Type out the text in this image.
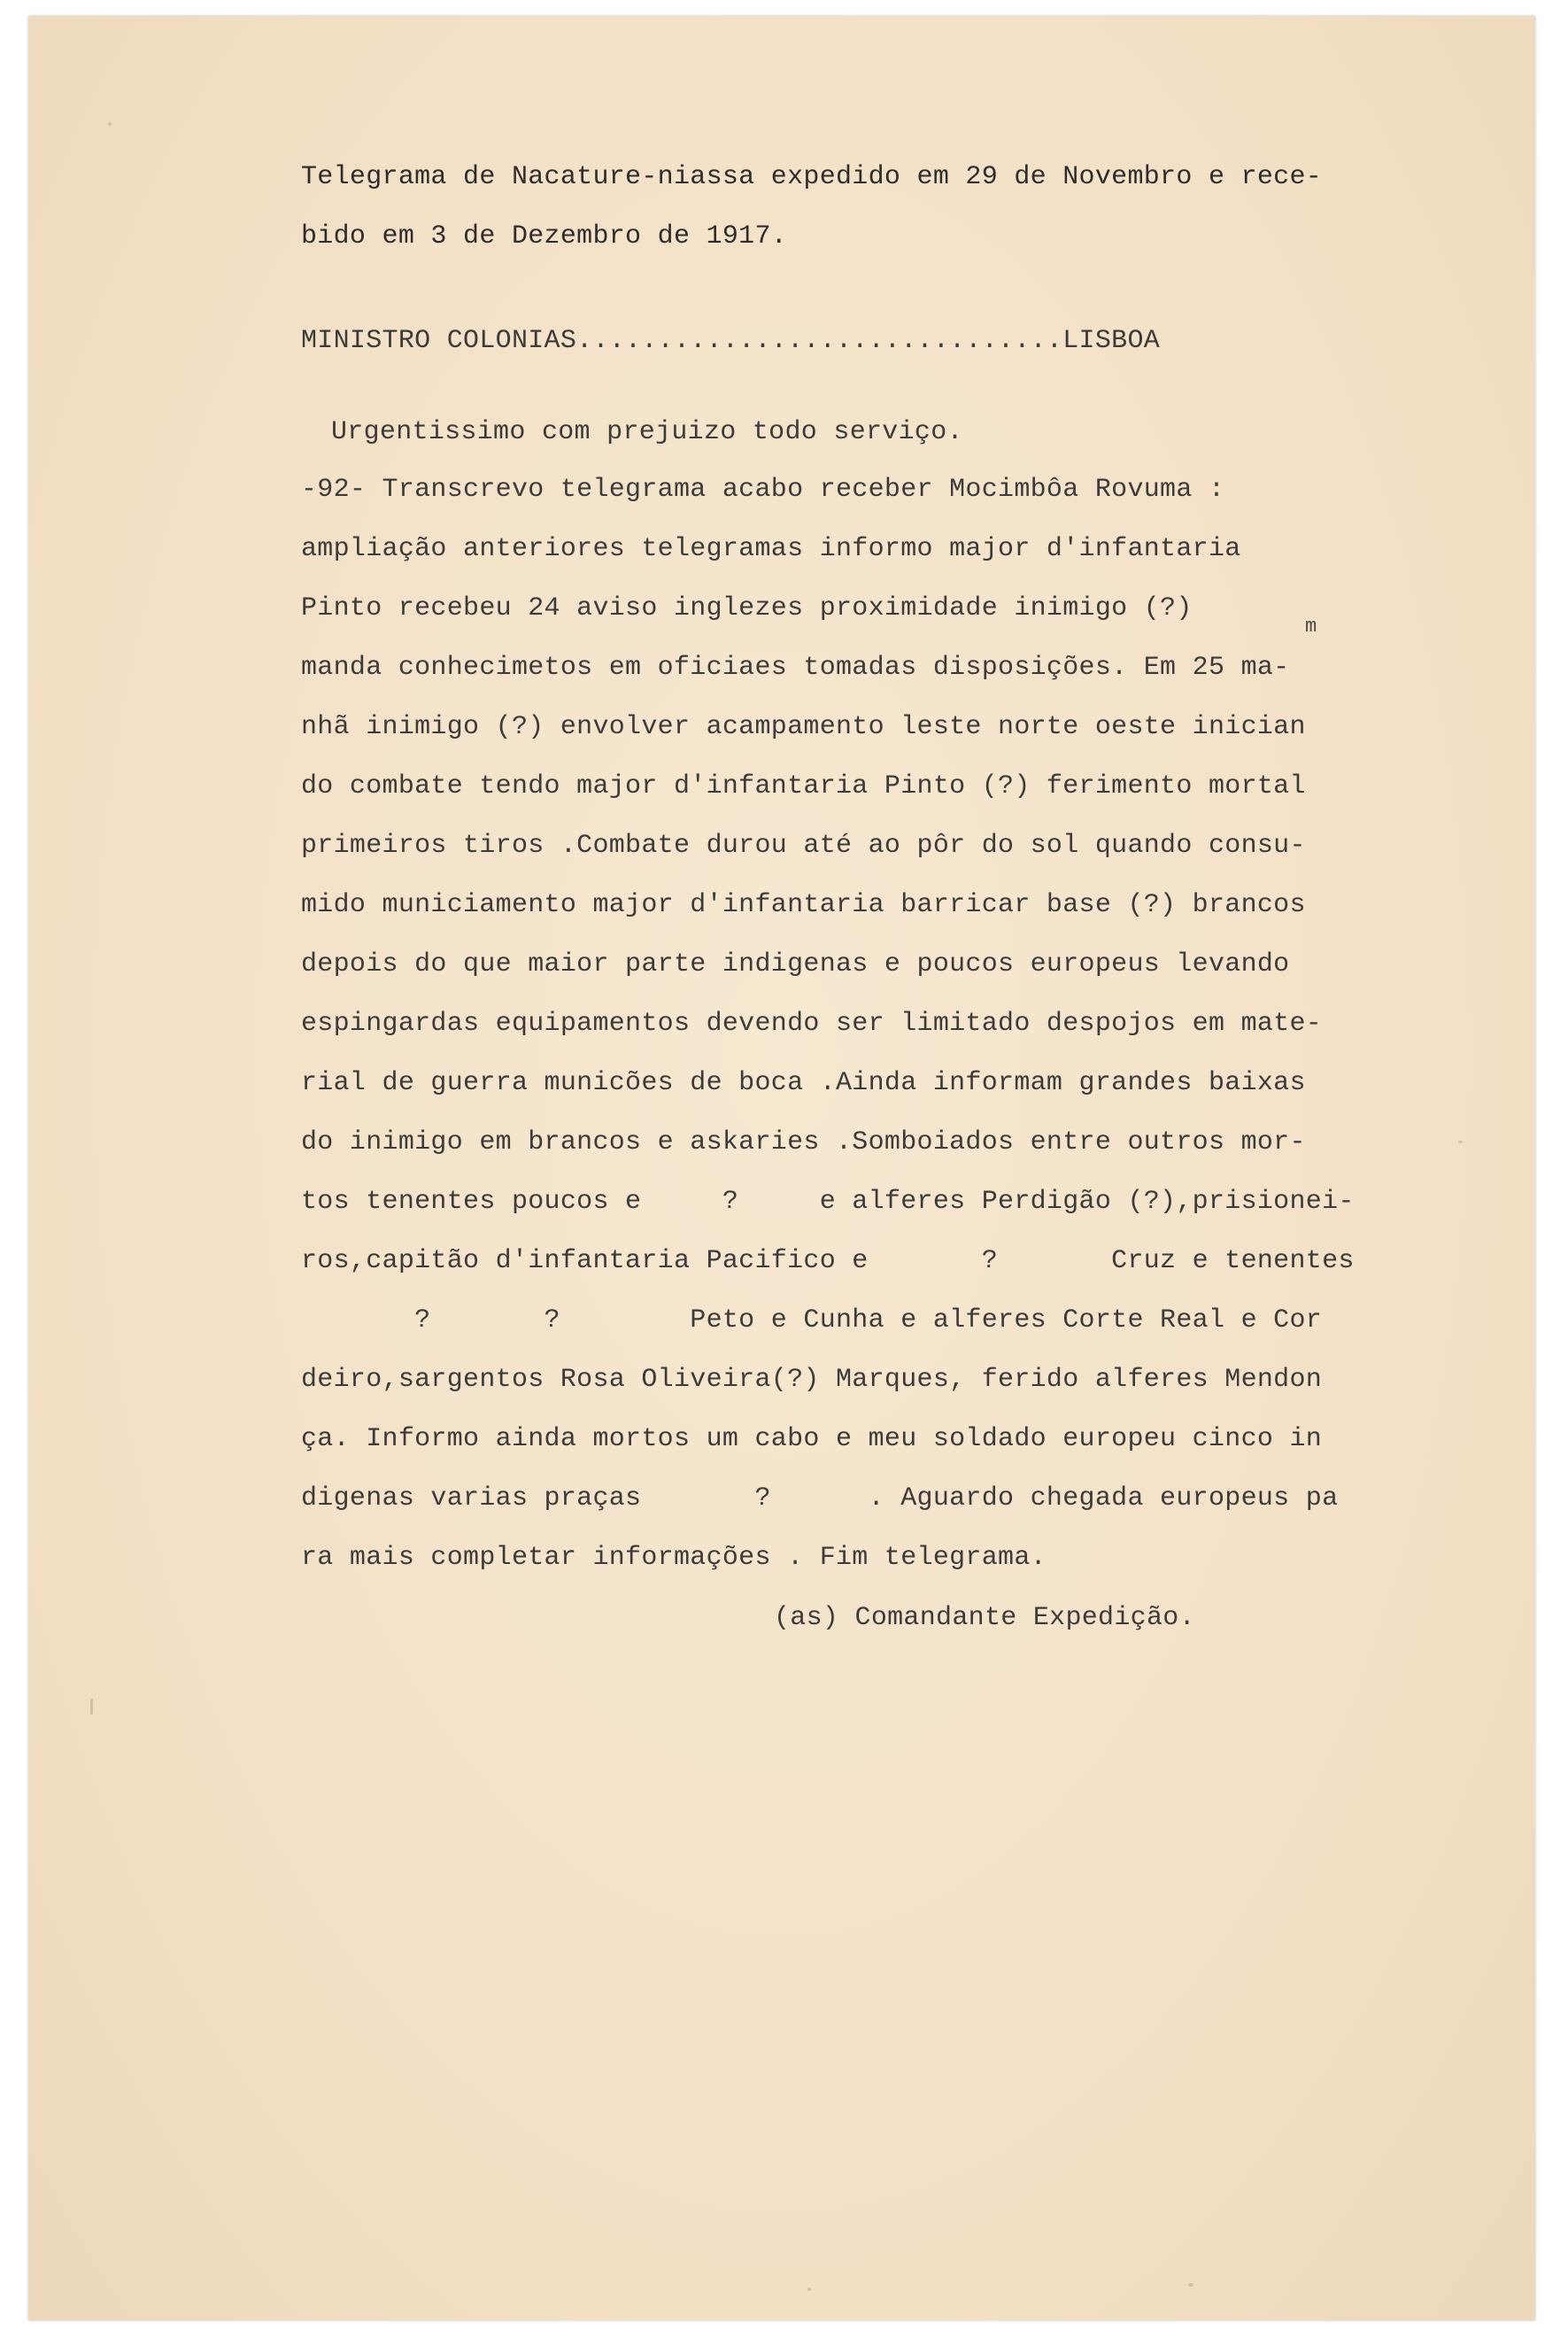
Telegrama de Nacature-niassa expedido em 29 de Novembro e rece-
bido em 3 de Dezembro de 1917.
MINISTRO COLONIAS..............................LISBOA
Urgentissimo com prejuizo todo serviço.
-92- Transcrevo telegrama acabo receber Mocimbôa Rovuma :
ampliação anteriores telegramas informo major d'infantaria
Pinto recebeu 24 aviso inglezes proximidade inimigo (?)
manda conhecimetos em oficiaes tomadas disposições. Em 25 ma-
nhã inimigo (?) envolver acampamento leste norte oeste inician
do combate tendo major d'infantaria Pinto (?) ferimento mortal
primeiros tiros .Combate durou até ao pôr do sol quando consu-
mido municiamento major d'infantaria barricar base (?) brancos
depois do que maior parte indigenas e poucos europeus levando
espingardas equipamentos devendo ser limitado despojos em mate-
rial de guerra municões de boca .Ainda informam grandes baixas
do inimigo em brancos e askaries .Somboiados entre outros mor-
tos tenentes poucos e     ?     e alferes Perdigão (?),prisionei-
ros,capitão d'infantaria Pacifico e       ?       Cruz e tenentes
?       ?        Peto e Cunha e alferes Corte Real e Cor
deiro,sargentos Rosa Oliveira(?) Marques, ferido alferes Mendon
ça. Informo ainda mortos um cabo e meu soldado europeu cinco in
digenas varias praças       ?      . Aguardo chegada europeus pa
ra mais completar informações . Fim telegrama.
m
(as) Comandante Expedição.
